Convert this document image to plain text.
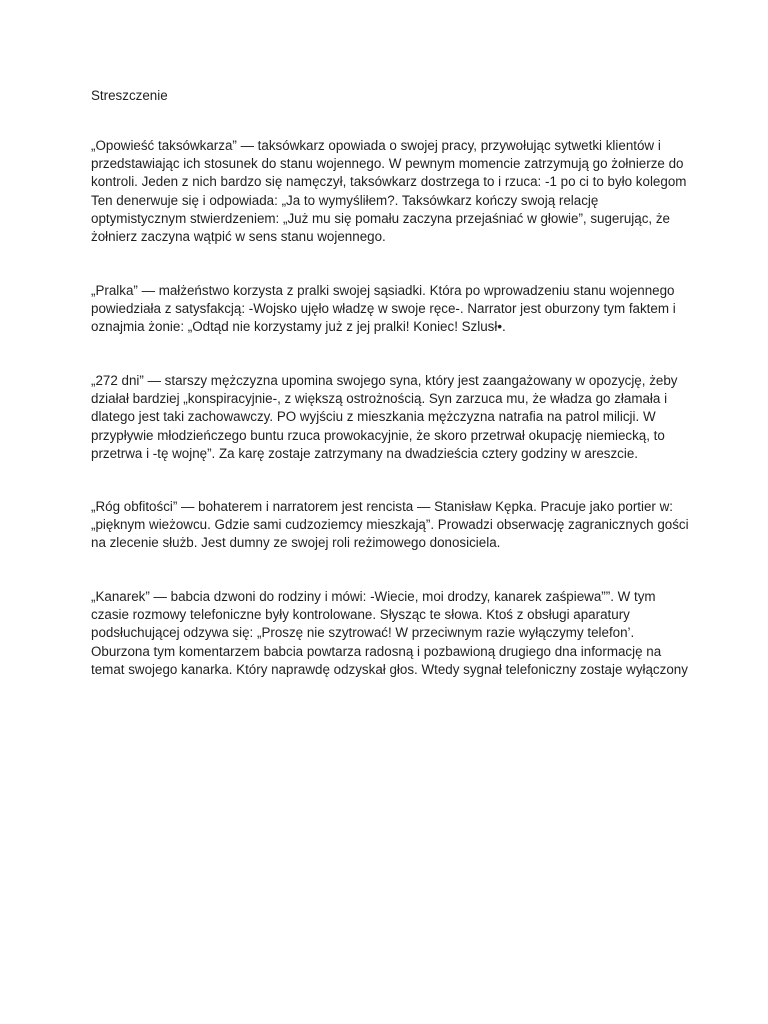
Streszczenie
„Opowieść taksówkarza” — taksówkarz opowiada o swojej pracy, przywołując sytwetki klientów i
przedstawiając ich stosunek do stanu wojennego. W pewnym momencie zatrzymują go żołnierze do
kontroli. Jeden z nich bardzo się namęczył, taksówkarz dostrzega to i rzuca: -1 po ci to było kolegom
Ten denerwuje się i odpowiada: „Ja to wymyśliłem?. Taksówkarz kończy swoją relację
optymistycznym stwierdzeniem: „Już mu się pomału zaczyna przejaśniać w głowie”, sugerując, że
żołnierz zaczyna wątpić w sens stanu wojennego.
„Pralka” — małżeństwo korzysta z pralki swojej sąsiadki. Która po wprowadzeniu stanu wojennego
powiedziała z satysfakcją: -Wojsko ujęło władzę w swoje ręce-. Narrator jest oburzony tym faktem i
oznajmia żonie: „Odtąd nie korzystamy już z jej pralki! Koniec! Szlusł•.
„272 dni” — starszy mężczyzna upomina swojego syna, który jest zaangażowany w opozycję, żeby
działał bardziej „konspiracyjnie-, z większą ostrożnością. Syn zarzuca mu, że władza go złamała i
dlatego jest taki zachowawczy. PO wyjściu z mieszkania mężczyzna natrafia na patrol milicji. W
przypływie młodzieńczego buntu rzuca prowokacyjnie, że skoro przetrwał okupację niemiecką, to
przetrwa i -tę wojnę”. Za karę zostaje zatrzymany na dwadzieścia cztery godziny w areszcie.
„Róg obfitości” — bohaterem i narratorem jest rencista — Stanisław Kępka. Pracuje jako portier w:
„pięknym wieżowcu. Gdzie sami cudzoziemcy mieszkają”. Prowadzi obserwację zagranicznych gości
na zlecenie służb. Jest dumny ze swojej roli reżimowego donosiciela.
„Kanarek” — babcia dzwoni do rodziny i mówi: -Wiecie, moi drodzy, kanarek zaśpiewa””. W tym
czasie rozmowy telefoniczne były kontrolowane. Słysząc te słowa. Ktoś z obsługi aparatury
podsłuchującej odzywa się: „Proszę nie szytrować! W przeciwnym razie wyłączymy telefon’.
Oburzona tym komentarzem babcia powtarza radosną i pozbawioną drugiego dna informację na
temat swojego kanarka. Który naprawdę odzyskał głos. Wtedy sygnał telefoniczny zostaje wyłączony
